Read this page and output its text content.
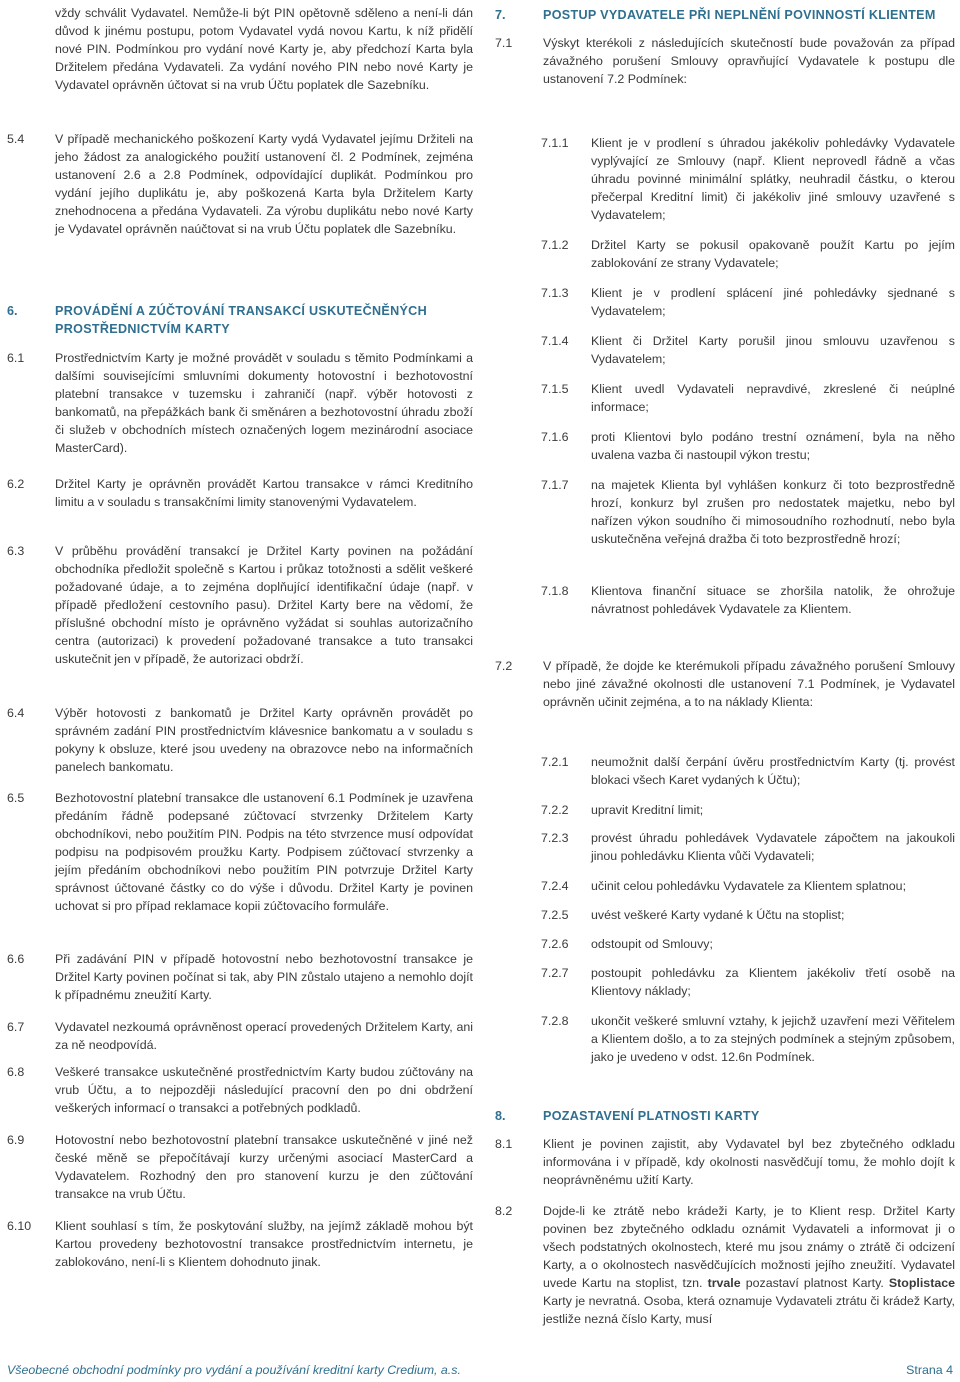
vždy schválit Vydavatel. Nemůže-li být PIN opětovně sděleno a není-li dán důvod k jinému postupu, potom Vydavatel vydá novou Kartu, k níž přidělí nové PIN. Podmínkou pro vydání nové Karty je, aby předchozí Karta byla Držitelem předána Vydavateli. Za vydání nového PIN nebo nové Karty je Vydavatel oprávněn účtovat si na vrub Účtu poplatek dle Sazebníku.
5.4 V případě mechanického poškození Karty vydá Vydavatel jejímu Držiteli na jeho žádost za analogického použití ustanovení čl. 2 Podmínek, zejména ustanovení 2.6 a 2.8 Podmínek, odpovídající duplikát. Podmínkou pro vydání jejího duplikátu je, aby poškozená Karta byla Držitelem Karty znehodnocena a předána Vydavateli. Za výrobu duplikátu nebo nové Karty je Vydavatel oprávněn naúčtovat si na vrub Účtu poplatek dle Sazebníku.
6.	PROVÁDĚNÍ A ZÚČTOVÁNÍ TRANSAKCÍ USKUTEČNĚNÝCH PROSTŘEDNICTVÍM KARTY
6.1 Prostřednictvím Karty je možné provádět v souladu s těmito Podmínkami a dalšími souvisejícími smluvními dokumenty hotovostní i bezhotovostní platební transakce v tuzemsku i zahraničí (např. výběr hotovosti z bankomatů, na přepážkách bank či směnáren a bezhotovostní úhradu zboží či služeb v obchodních místech označených logem mezinárodní asociace MasterCard).
6.2 Držitel Karty je oprávněn provádět Kartou transakce v rámci Kreditního limitu a v souladu s transakčními limity stanovenými Vydavatelem.
6.3 V průběhu provádění transakcí je Držitel Karty povinen na požádání obchodníka předložit společně s Kartou i průkaz totožnosti a sdělit veškeré požadované údaje, a to zejména doplňující identifikační údaje (např. v případě předložení cestovního pasu). Držitel Karty bere na vědomí, že příslušné obchodní místo je oprávněno vyžádat si souhlas autorizačního centra (autorizaci) k provedení požadované transakce a tuto transakci uskutečnit jen v případě, že autorizaci obdrží.
6.4 Výběr hotovosti z bankomatů je Držitel Karty oprávněn provádět po správném zadání PIN prostřednictvím klávesnice bankomatu a v souladu s pokyny k obsluze, které jsou uvedeny na obrazovce nebo na informačních panelech bankomatu.
6.5 Bezhotovostní platební transakce dle ustanovení 6.1 Podmínek je uzavřena předáním řádně podepsané zúčtovací stvrzenky Držitelem Karty obchodníkovi, nebo použitím PIN. Podpis na této stvrzence musí odpovídat podpisu na podpisovém proužku Karty. Podpisem zúčtovací stvrzenky a jejím předáním obchodníkovi nebo použitím PIN potvrzuje Držitel Karty správnost účtované částky co do výše i důvodu. Držitel Karty je povinen uchovat si pro případ reklamace kopii zúčtovacího formuláře.
6.6 Při zadávání PIN v případě hotovostní nebo bezhotovostní transakce je Držitel Karty povinen počínat si tak, aby PIN zůstalo utajeno a nemohlo dojít k případnému zneužití Karty.
6.7 Vydavatel nezkoumá oprávněnost operací provedených Držitelem Karty, ani za ně neodpovídá.
6.8 Veškeré transakce uskutečněné prostřednictvím Karty budou zúčtovány na vrub Účtu, a to nejpozději následující pracovní den po dni obdržení veškerých informací o transakci a potřebných podkladů.
6.9 Hotovostní nebo bezhotovostní platební transakce uskutečněné v jiné než české měně se přepočítávají kurzy určenými asociací MasterCard a Vydavatelem. Rozhodný den pro stanovení kurzu je den zúčtování transakce na vrub Účtu.
6.10 Klient souhlasí s tím, že poskytování služby, na jejímž základě mohou být Kartou provedeny bezhotovostní transakce prostřednictvím internetu, je zablokováno, není-li s Klientem dohodnuto jinak.
7.	POSTUP VYDAVATELE PŘI NEPLNĚNÍ POVINNOSTÍ KLIENTEM
7.1 Výskyt kterékoli z následujících skutečností bude považován za případ závažného porušení Smlouvy opravňující Vydavatele k postupu dle ustanovení 7.2 Podmínek:
7.1.1 Klient je v prodlení s úhradou jakékoliv pohledávky Vydavatele vyplývající ze Smlouvy (např. Klient neprovedl řádně a včas úhradu povinné minimální splátky, neuhradil částku, o kterou přečerpal Kreditní limit) či jakékoliv jiné smlouvy uzavřené s Vydavatelem;
7.1.2 Držitel Karty se pokusil opakovaně použít Kartu po jejím zablokování ze strany Vydavatele;
7.1.3 Klient je v prodlení splácení jiné pohledávky sjednané s Vydavatelem;
7.1.4 Klient či Držitel Karty porušil jinou smlouvu uzavřenou s Vydavatelem;
7.1.5 Klient uvedl Vydavateli nepravdivé, zkreslené či neúplné informace;
7.1.6 proti Klientovi bylo podáno trestní oznámení, byla na něho uvalena vazba či nastoupil výkon trestu;
7.1.7 na majetek Klienta byl vyhlášen konkurz či toto bezprostředně hrozí, konkurz byl zrušen pro nedostatek majetku, nebo byl nařízen výkon soudního či mimosoudního rozhodnutí, nebo byla uskutečněna veřejná dražba či toto bezprostředně hrozí;
7.1.8 Klientova finanční situace se zhoršila natolik, že ohrožuje návratnost pohledávek Vydavatele za Klientem.
7.2 V případě, že dojde ke kterémukoli případu závažného porušení Smlouvy nebo jiné závažné okolnosti dle ustanovení 7.1 Podmínek, je Vydavatel oprávněn učinit zejména, a to na náklady Klienta:
7.2.1 neumožnit další čerpání úvěru prostřednictvím Karty (tj. provést blokaci všech Karet vydaných k Účtu);
7.2.2 upravit Kreditní limit;
7.2.3 provést úhradu pohledávek Vydavatele zápočtem na jakoukoli jinou pohledávku Klienta vůči Vydavateli;
7.2.4 učinit celou pohledávku Vydavatele za Klientem splatnou;
7.2.5 uvést veškeré Karty vydané k Účtu na stoplist;
7.2.6 odstoupit od Smlouvy;
7.2.7 postoupit pohledávku za Klientem jakékoliv třetí osobě na Klientovy náklady;
7.2.8 ukončit veškeré smluvní vztahy, k jejichž uzavření mezi Věřitelem a Klientem došlo, a to za stejných podmínek a stejným způsobem, jako je uvedeno v odst. 12.6n Podmínek.
8.	POZASTAVENÍ PLATNOSTI KARTY
8.1 Klient je povinen zajistit, aby Vydavatel byl bez zbytečného odkladu informována i v případě, kdy okolnosti nasvědčují tomu, že mohlo dojít k neoprávněnému užití Karty.
8.2 Dojde-li ke ztrátě nebo krádeži Karty, je to Klient resp. Držitel Karty povinen bez zbytečného odkladu oznámit Vydavateli a informovat ji o všech podstatných okolnostech, které mu jsou známy o ztrátě či odcizení Karty, a o okolnostech nasvědčujících možnosti jejího zneužití. Vydavatel uvede Kartu na stoplist, tzn. trvale pozastaví platnost Karty. Stoplistace Karty je nevratná. Osoba, která oznamuje Vydavateli ztrátu či krádež Karty, jestliže nezná číslo Karty, musí
Všeobecné obchodní podmínky pro vydání a používání kreditní karty Credium, a.s.	Strana 4
